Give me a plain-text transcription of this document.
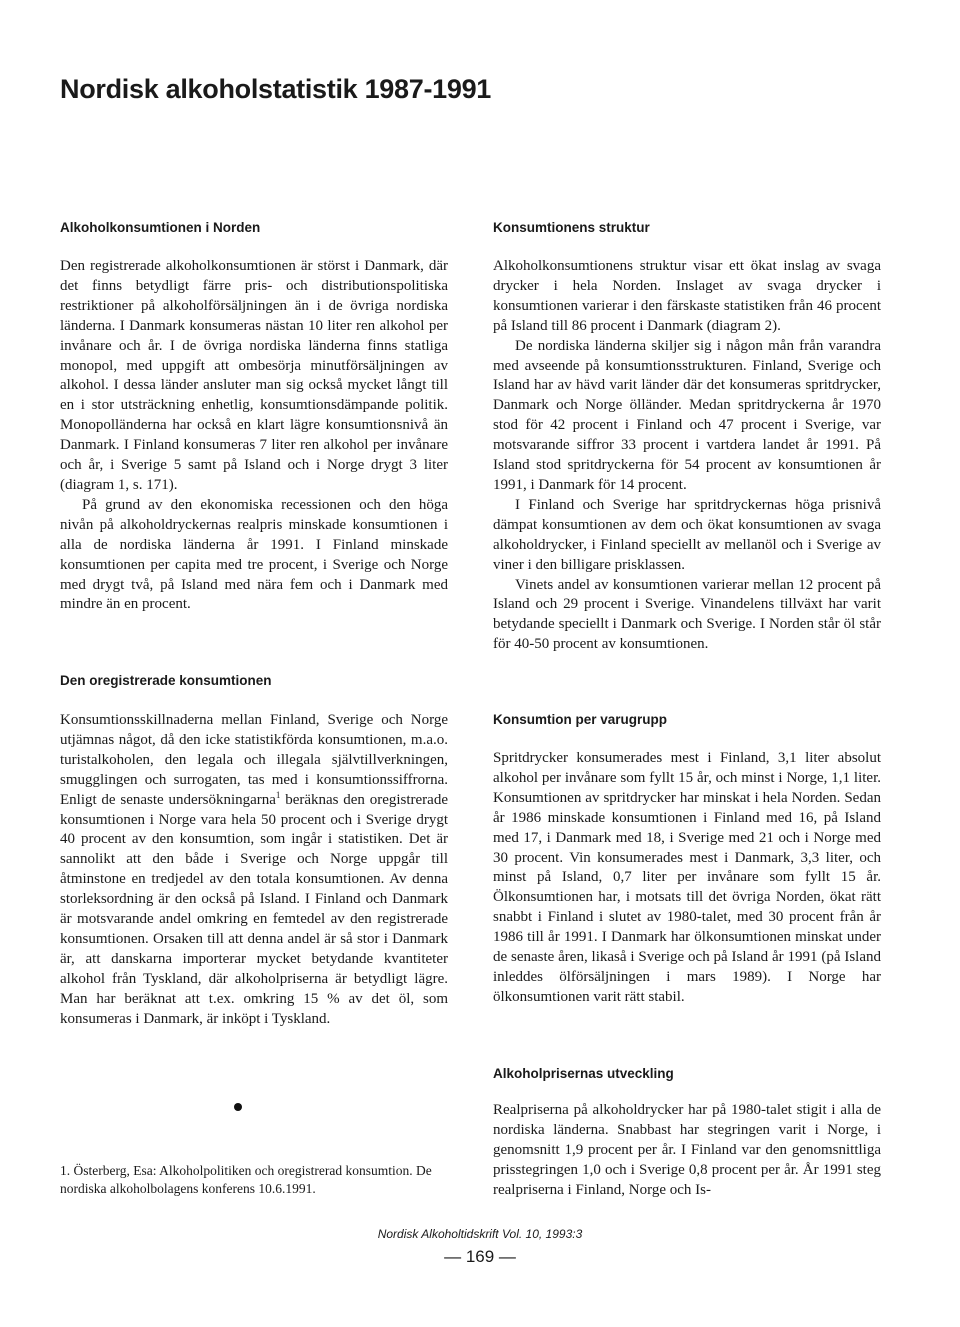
Nordisk alkoholstatistik 1987-1991
Alkoholkonsumtionen i Norden

Den registrerade alkoholkonsumtionen är störst i Danmark, där det finns betydligt färre pris- och distributionspolitiska restriktioner på alkoholförsäljningen än i de övriga nordiska länderna. I Danmark konsumeras nästan 10 liter ren alkohol per invånare och år. I de övriga nordiska länderna finns statliga monopol, med uppgift att ombesörja minutförsäljningen av alkohol. I dessa länder ansluter man sig också mycket långt till en i stor utsträckning enhetlig, konsumtionsdämpande politik. Monopolländerna har också en klart lägre konsumtionsnivå än Danmark. I Finland konsumeras 7 liter ren alkohol per invånare och år, i Sverige 5 samt på Island och i Norge drygt 3 liter (diagram 1, s. 171).

På grund av den ekonomiska recessionen och den höga nivån på alkoholdryckernas realpris minskade konsumtionen i alla de nordiska länderna år 1991. I Finland minskade konsumtionen per capita med tre procent, i Sverige och Norge med drygt två, på Island med nära fem och i Danmark med mindre än en procent.

Den oregistrerade konsumtionen

Konsumtionsskillnaderna mellan Finland, Sverige och Norge utjämnas något, då den icke statistikförda konsumtionen, m.a.o. turistalkoholen, den legala och illegala självtillverkningen, smugglingen och surrogaten, tas med i konsumtionssiffrorna. Enligt de senaste undersökningarna$^1$ beräknas den oregistrerade konsumtionen i Norge vara hela 50 procent och i Sverige drygt 40 procent av den konsumtion, som ingår i statistiken. Det är sannolikt att den både i Sverige och Norge uppgår till åtminstone en tredjedel av den totala konsumtionen. Av denna storleksordning är den också på Island. I Finland och Danmark är motsvarande andel omkring en femtedel av den registrerade konsumtionen. Orsaken till att denna andel är så stor i Danmark är, att danskarna importerar mycket betydande kvantiteter alkohol från Tyskland, där alkoholpriserna är betydligt lägre. Man har beräknat att t.ex. omkring 15 % av det öl, som konsumeras i Danmark, är inköpt i Tyskland.

1. Österberg, Esa: Alkoholpolitiken och oregistrerad konsumtion. De nordiska alkoholbolagens konferens 10.6.1991.

Konsumtionens struktur

Alkoholkonsumtionens struktur visar ett ökat inslag av svaga drycker i hela Norden. Inslaget av svaga drycker i konsumtionen varierar i den färskaste statistiken från 46 procent på Island till 86 procent i Danmark (diagram 2).

De nordiska länderna skiljer sig i någon mån från varandra med avseende på konsumtionsstrukturen. Finland, Sverige och Island har av hävd varit länder där det konsumeras spritdrycker, Danmark och Norge ölländer. Medan spritdryckerna år 1970 stod för 42 procent i Finland och 47 procent i Sverige, var motsvarande siffror 33 procent i vartdera landet år 1991. På Island stod spritdryckerna för 54 procent av konsumtionen år 1991, i Danmark för 14 procent.

I Finland och Sverige har spritdryckernas höga prisnivå dämpat konsumtionen av dem och ökat konsumtionen av svaga alkoholdrycker, i Finland speciellt av mellanöl och i Sverige av viner i den billigare prisklassen.

Vinets andel av konsumtionen varierar mellan 12 procent på Island och 29 procent i Sverige. Vinandelens tillväxt har varit betydande speciellt i Danmark och Sverige. I Norden står öl står för 40-50 procent av konsumtionen.

Konsumtion per varugrupp

Spritdrycker konsumerades mest i Finland, 3,1 liter absolut alkohol per invånare som fyllt 15 år, och minst i Norge, 1,1 liter. Konsumtionen av spritdrycker har minskat i hela Norden. Sedan år 1986 minskade konsumtionen i Finland med 16, på Island med 17, i Danmark med 18, i Sverige med 21 och i Norge med 30 procent. Vin konsumerades mest i Danmark, 3,3 liter, och minst på Island, 0,7 liter per invånare som fyllt 15 år. Ölkonsumtionen har, i motsats till det övriga Norden, ökat rätt snabbt i Finland i slutet av 1980-talet, med 30 procent från år 1986 till år 1991. I Danmark har ölkonsumtionen minskat under de senaste åren, likaså i Sverige och på Island år 1991 (på Island inleddes ölförsäljningen i mars 1989). I Norge har ölkonsumtionen varit rätt stabil.

Alkoholprisernas utveckling

Realpriserna på alkoholdrycker har på 1980-talet stigit i alla de nordiska länderna. Snabbast har stegringen varit i Norge, i genomsnitt 1,9 procent per år. I Finland var den genomsnittliga prisstegringen 1,0 och i Sverige 0,8 procent per år. År 1991 steg realpriserna i Finland, Norge och Is-

Nordisk Alkoholtidskrift Vol. 10, 1993:3

— 169 —
